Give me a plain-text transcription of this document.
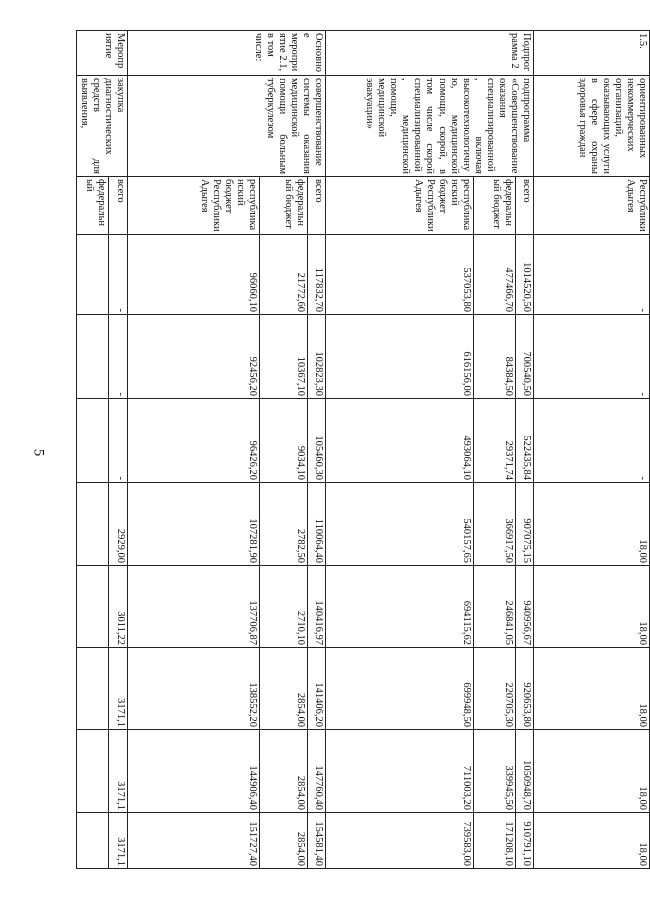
5
1.5.	ориентированных некоммерческих организаций, оказывающих услуги в сфере охраны здоровья граждан	Республики Адыгея	-	-	-	18,00	18,00	18,00	18,00	18,00

Подпрограмма 2	подпрограмма «Совершенствование оказания специализированной, включая высокотехнологичную, медицинской помощи, скорой, в том числе скорой специализированной, медицинской помощи, медицинской эвакуации»	всего	1014520,50	700540,50	522435,84	907075,15	940956,67	920653,80	1050948,70	910791,10
		федеральный бюджет	477466,70	84384,50	29371,74	366917,50	246841,05	220705,30	339945,50	171208,10
		республиканский бюджет Республики Адыгея	537053,80	616156,00	493064,10	540157,65	694115,62	699948,50	711003,20	739583,00
Основное мероприятие 2.1, в том числе:	совершенствование системы оказания медицинской помощи больным туберкулезом	всего	117832,70	102823,30	105460,30	110064,40	140416,97	141406,20	147760,40	154581,40
		федеральный бюджет	21772,60	10367,10	9034,10	2782,50	2710,10	2854,00	2854,00	2854,00
		республиканский бюджет Республики Адыгея	96060,10	92456,20	96426,20	107281,90	137706,87	138552,20	144906,40	151727,40
Мероприятие	закупка диагностических средств для выявления,	всего	-	-	-	2929,00	3011,22	3171,1	3171,1	3171,1
		федеральный								
